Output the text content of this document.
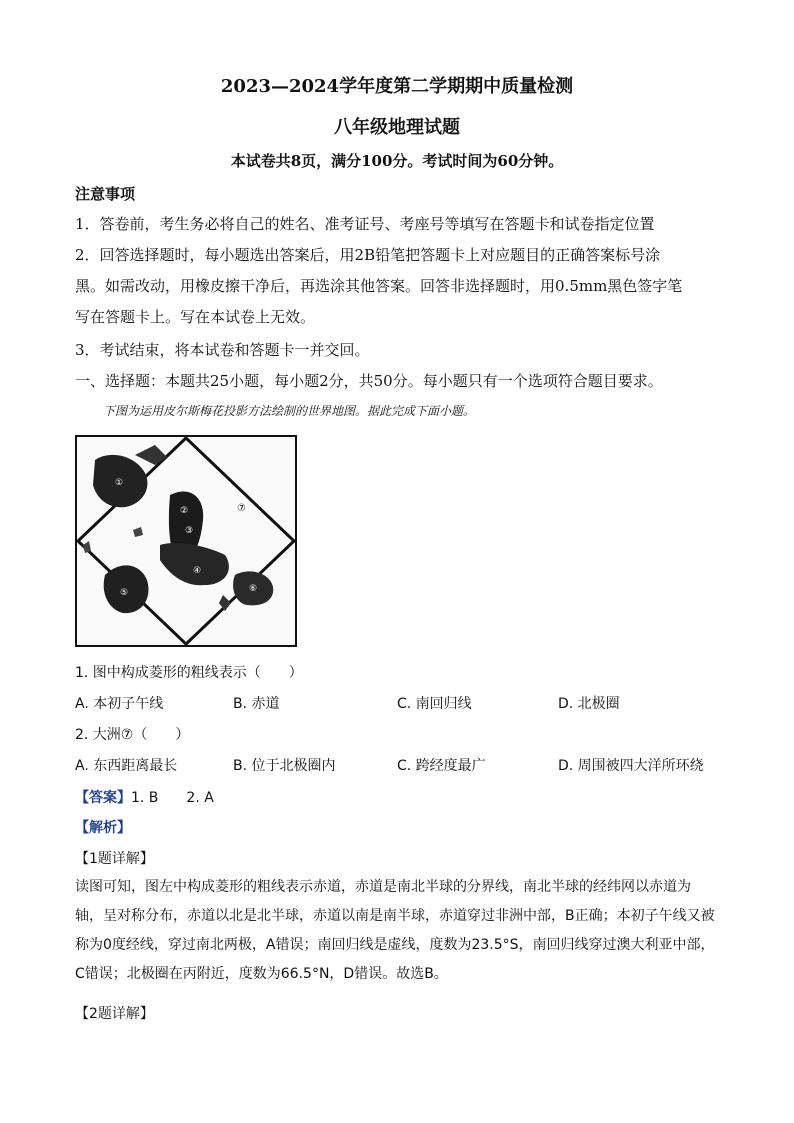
2023—2024学年度第二学期期中质量检测
八年级地理试题
本试卷共8页，满分100分。考试时间为60分钟。
注意事项
1．答卷前，考生务必将自己的姓名、准考证号、考座号等填写在答题卡和试卷指定位置
2．回答选择题时，每小题选出答案后，用2B铅笔把答题卡上对应题目的正确答案标号涂
黑。如需改动，用橡皮擦干净后，再选涂其他答案。回答非选择题时，用0.5mm黑色签字笔
写在答题卡上。写在本试卷上无效。
3．考试结束，将本试卷和答题卡一并交回。
一、选择题：本题共25小题，每小题2分，共50分。每小题只有一个选项符合题目要求。
下图为运用皮尔斯梅花投影方法绘制的世界地图。据此完成下面小题。
①
②
③
④
⑤	⑥
⑦
1. 图中构成菱形的粗线表示（　　）
A. 本初子午线	B. 赤道	C. 南回归线	D. 北极圈
2. 大洲⑦（　　）
A. 东西距离最长	B. 位于北极圈内	C. 跨经度最广	D. 周围被四大洋所环绕
【答案】1. B　　2. A
【解析】
【1题详解】
读图可知，图左中构成菱形的粗线表示赤道，赤道是南北半球的分界线，南北半球的经纬网以赤道为
轴，呈对称分布，赤道以北是北半球，赤道以南是南半球，赤道穿过非洲中部，B正确；本初子午线又被
称为0度经线，穿过南北两极，A错误；南回归线是虚线，度数为23.5°S，南回归线穿过澳大利亚中部，
C错误；北极圈在丙附近，度数为66.5°N，D错误。故选B。
【2题详解】
